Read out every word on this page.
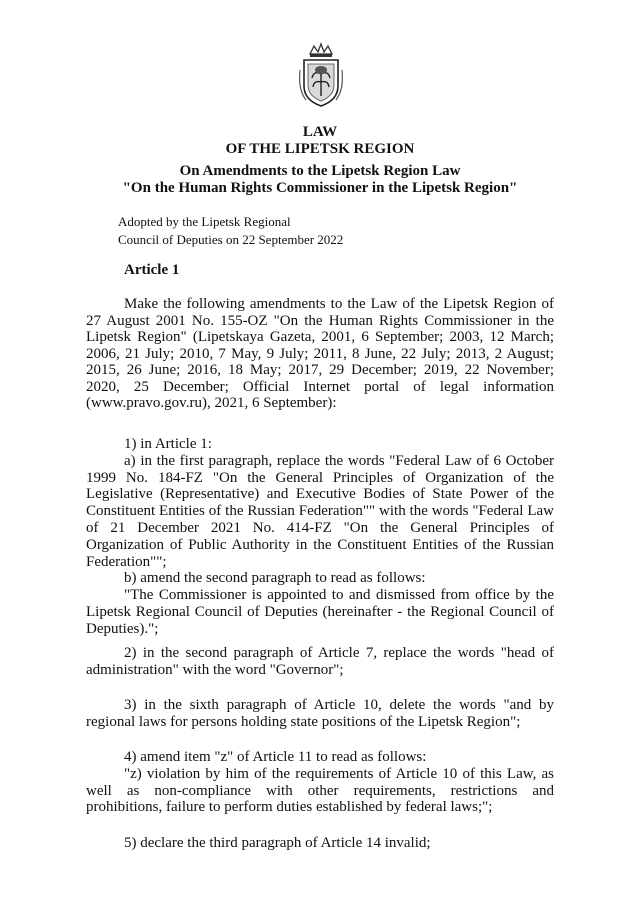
LAW
OF THE LIPETSK REGION
On Amendments to the Lipetsk Region Law
"On the Human Rights Commissioner in the Lipetsk Region"
Adopted by the Lipetsk Regional
Council of Deputies on 22 September 2022
Article 1
Make the following amendments to the Law of the Lipetsk Region of 27 August 2001 No. 155-OZ "On the Human Rights Commissioner in the Lipetsk Region" (Lipetskaya Gazeta, 2001, 6 September; 2003, 12 March; 2006, 21 July; 2010, 7 May, 9 July; 2011, 8 June, 22 July; 2013, 2 August; 2015, 26 June; 2016, 18 May; 2017, 29 December; 2019, 22 November; 2020, 25 December; Official Internet portal of legal information (www.pravo.gov.ru), 2021, 6 September):
1) in Article 1:
a) in the first paragraph, replace the words "Federal Law of 6 October 1999 No. 184-FZ "On the General Principles of Organization of the Legislative (Representative) and Executive Bodies of State Power of the Constituent Entities of the Russian Federation"" with the words "Federal Law of 21 December 2021 No. 414-FZ "On the General Principles of Organization of Public Authority in the Constituent Entities of the Russian Federation"";
b) amend the second paragraph to read as follows:
"The Commissioner is appointed to and dismissed from office by the Lipetsk Regional Council of Deputies (hereinafter - the Regional Council of Deputies).";
2) in the second paragraph of Article 7, replace the words "head of administration" with the word "Governor";
3) in the sixth paragraph of Article 10, delete the words "and by regional laws for persons holding state positions of the Lipetsk Region";
4) amend item "z" of Article 11 to read as follows:
"z) violation by him of the requirements of Article 10 of this Law, as well as non-compliance with other requirements, restrictions and prohibitions, failure to perform duties established by federal laws;";
5) declare the third paragraph of Article 14 invalid;
